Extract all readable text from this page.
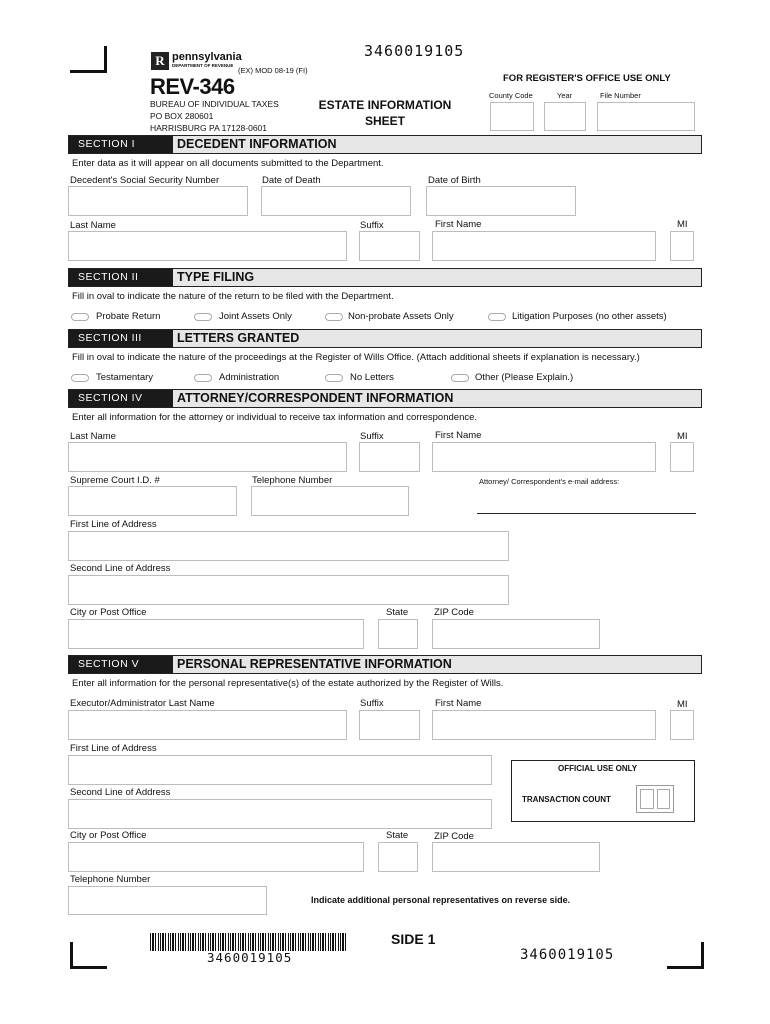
3460019105
R pennsylvania
DEPARTMENT OF REVENUE
(EX) MOD 08-19 (FI)
REV-346
BUREAU OF INDIVIDUAL TAXES
PO BOX 280601
HARRISBURG PA 17128-0601
ESTATE INFORMATION
SHEET
FOR REGISTER'S OFFICE USE ONLY
County Code	Year	File Number
SECTION I	DECEDENT INFORMATION
Enter data as it will appear on all documents submitted to the Department.
Decedent's Social Security Number	Date of Death	Date of Birth
Last Name	Suffix	First Name	MI
SECTION II	TYPE FILING
Fill in oval to indicate the nature of the return to be filed with the Department.
Probate Return	Joint Assets Only	Non-probate Assets Only	Litigation Purposes (no other assets)
SECTION III	LETTERS GRANTED
Fill in oval to indicate the nature of the proceedings at the Register of Wills Office. (Attach additional sheets if explanation is necessary.)
Testamentary	Administration	No Letters	Other (Please Explain.)
SECTION IV	ATTORNEY/CORRESPONDENT INFORMATION
Enter all information for the attorney or individual to receive tax information and correspondence.
Last Name	Suffix	First Name	MI
Supreme Court I.D. #	Telephone Number	Attorney/ Correspondent's e-mail address:
First Line of Address
Second Line of Address
City or Post Office	State	ZIP Code
SECTION V	PERSONAL REPRESENTATIVE INFORMATION
Enter all information for the personal representative(s) of the estate authorized by the Register of Wills.
Executor/Administrator Last Name	Suffix	First Name	MI
First Line of Address
Second Line of Address
City or Post Office	State	ZIP Code
Telephone Number
OFFICIAL USE ONLY
TRANSACTION COUNT
Indicate additional personal representatives on reverse side.
3460019105
SIDE 1
3460019105
